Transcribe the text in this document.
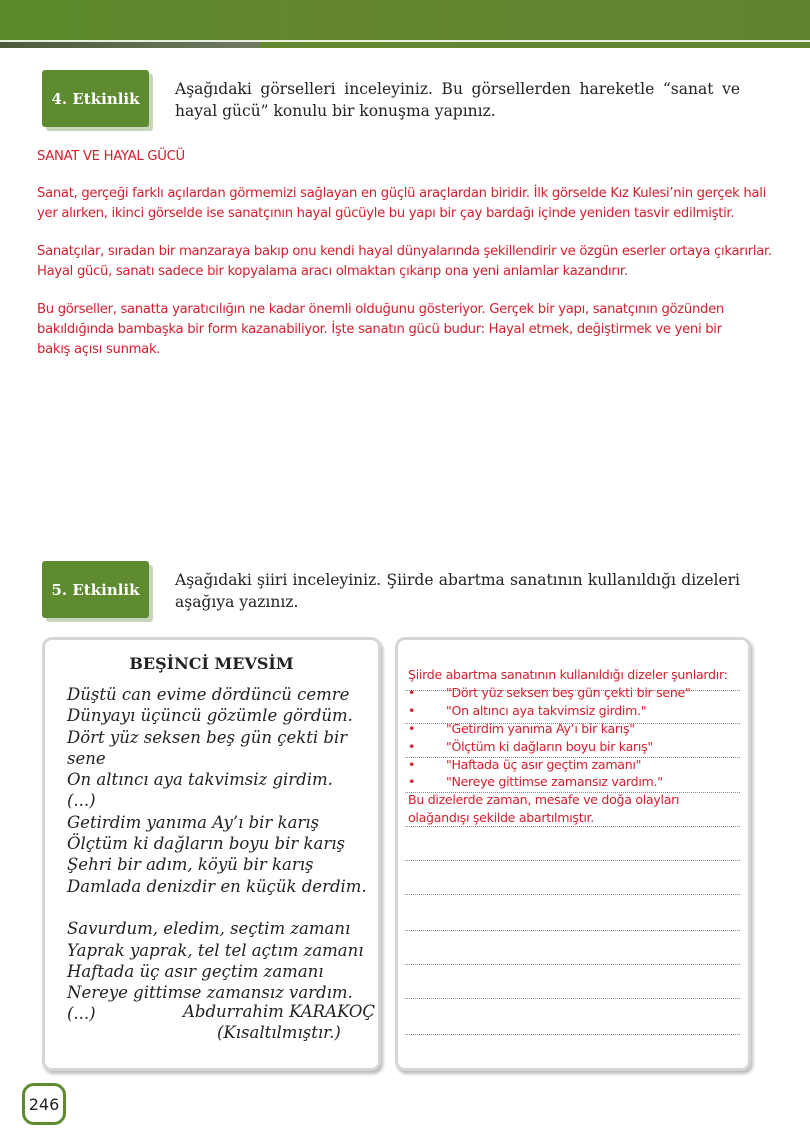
4. Etkinlik
Aşağıdaki görselleri inceleyiniz. Bu görsellerden hareketle “sanat ve hayal gücü” konulu bir konuşma yapınız.
SANAT VE HAYAL GÜCÜ
Sanat, gerçeği farklı açılardan görmemizi sağlayan en güçlü araçlardan biridir. İlk görselde Kız Kulesi’nin gerçek hali yer alırken, ikinci görselde ise sanatçının hayal gücüyle bu yapı bir çay bardağı içinde yeniden tasvir edilmiştir.
Sanatçılar, sıradan bir manzaraya bakıp onu kendi hayal dünyalarında şekillendirir ve özgün eserler ortaya çıkarırlar. Hayal gücü, sanatı sadece bir kopyalama aracı olmaktan çıkarıp ona yeni anlamlar kazandırır.
Bu görseller, sanatta yaratıcılığın ne kadar önemli olduğunu gösteriyor. Gerçek bir yapı, sanatçının gözünden bakıldığında bambaşka bir form kazanabiliyor. İşte sanatın gücü budur: Hayal etmek, değiştirmek ve yeni bir bakış açısı sunmak.
5. Etkinlik
Aşağıdaki şiiri inceleyiniz. Şiirde abartma sanatının kullanıldığı dizeleri aşağıya yazınız.
BEŞİNCİ MEVSİM
Düştü can evime dördüncü cemre
Dünyayı üçüncü gözümle gördüm.
Dört yüz seksen beş gün çekti bir sene
On altıncı aya takvimsiz girdim.
(...)
Getirdim yanıma Ay’ı bir karış
Ölçtüm ki dağların boyu bir karış
Şehri bir adım, köyü bir karış
Damlada denizdir en küçük derdim.
Savurdum, eledim, seçtim zamanı
Yaprak yaprak, tel tel açtım zamanı
Haftada üç asır geçtim zamanı
Nereye gittimse zamansız vardım.
(...)	Abdurrahim KARAKOÇ
(Kısaltılmıştır.)
Şiirde abartma sanatının kullanıldığı dizeler şunlardır:
• "Dört yüz seksen beş gün çekti bir sene"
• "On altıncı aya takvimsiz girdim."
• "Getirdim yanıma Ay’ı bir karış"
• "Ölçtüm ki dağların boyu bir karış"
• "Haftada üç asır geçtim zamanı"
• "Nereye gittimse zamansız vardım."
Bu dizelerde zaman, mesafe ve doğa olayları olağandışı şekilde abartılmıştır.
246
